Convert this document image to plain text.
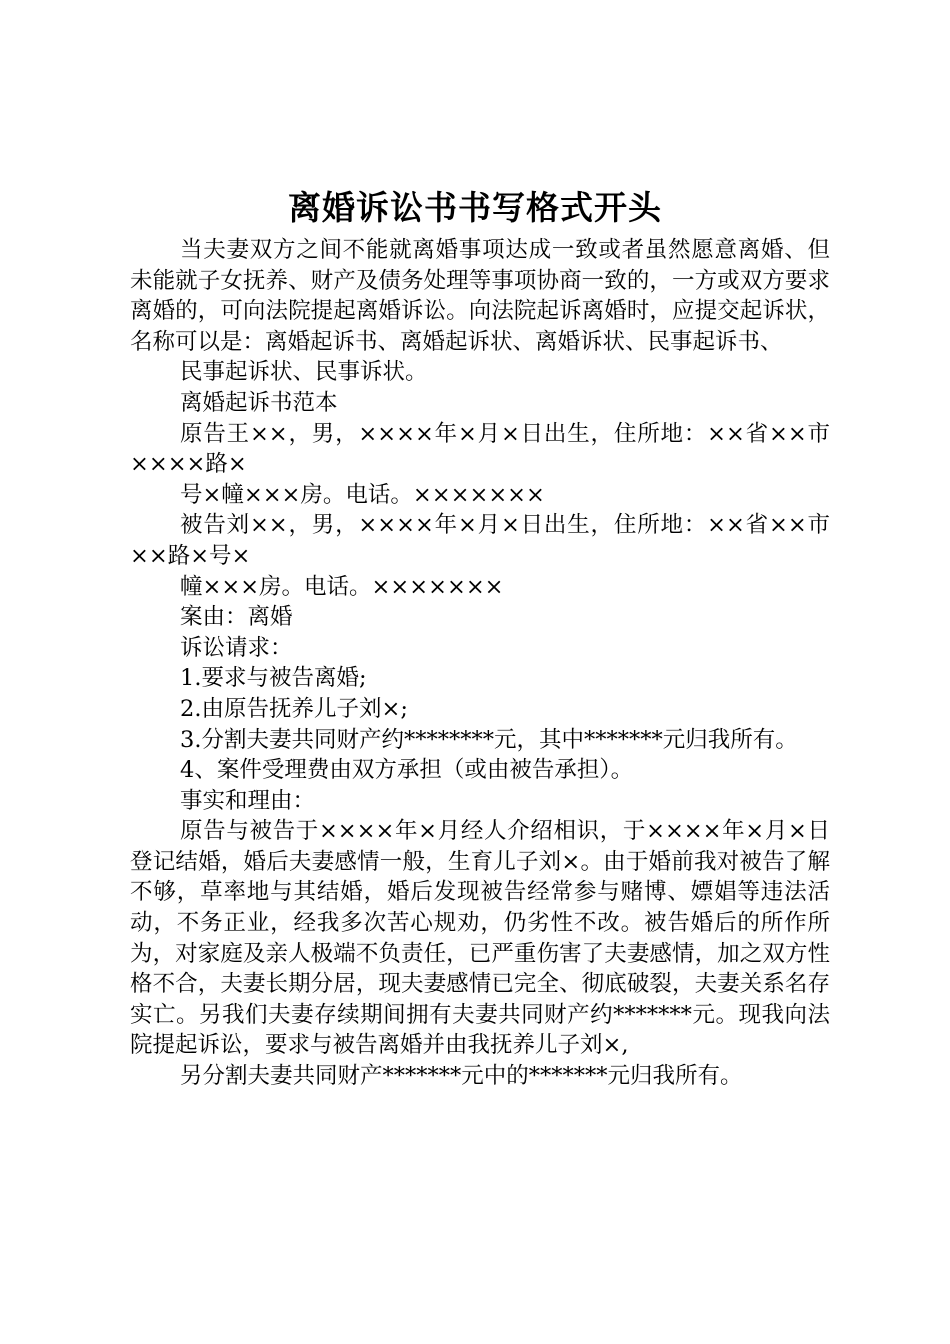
离婚诉讼书书写格式开头

当夫妻双方之间不能就离婚事项达成一致或者虽然愿意离婚、但未能就子女抚养、财产及债务处理等事项协商一致的，一方或双方要求离婚的，可向法院提起离婚诉讼。向法院起诉离婚时，应提交起诉状，名称可以是：离婚起诉书、离婚起诉状、离婚诉状、民事起诉书、

民事起诉状、民事诉状。

离婚起诉书范本

原告王××，男，××××年×月×日出生，住所地：××省××市××××路×

号×幢×××房。电话。×××××××

被告刘××，男，××××年×月×日出生，住所地：××省××市××路×号×

幢×××房。电话。×××××××

案由：离婚

诉讼请求：

1.要求与被告离婚;

2.由原告抚养儿子刘×;

3.分割夫妻共同财产约********元，其中*******元归我所有。

4、案件受理费由双方承担（或由被告承担）。

事实和理由：

原告与被告于××××年×月经人介绍相识，于××××年×月×日登记结婚，婚后夫妻感情一般，生育儿子刘×。由于婚前我对被告了解不够，草率地与其结婚，婚后发现被告经常参与赌博、嫖娼等违法活动，不务正业，经我多次苦心规劝，仍劣性不改。被告婚后的所作所为，对家庭及亲人极端不负责任，已严重伤害了夫妻感情，加之双方性格不合，夫妻长期分居，现夫妻感情已完全、彻底破裂，夫妻关系名存实亡。另我们夫妻存续期间拥有夫妻共同财产约*******元。现我向法院提起诉讼，要求与被告离婚并由我抚养儿子刘×,

另分割夫妻共同财产*******元中的*******元归我所有。
